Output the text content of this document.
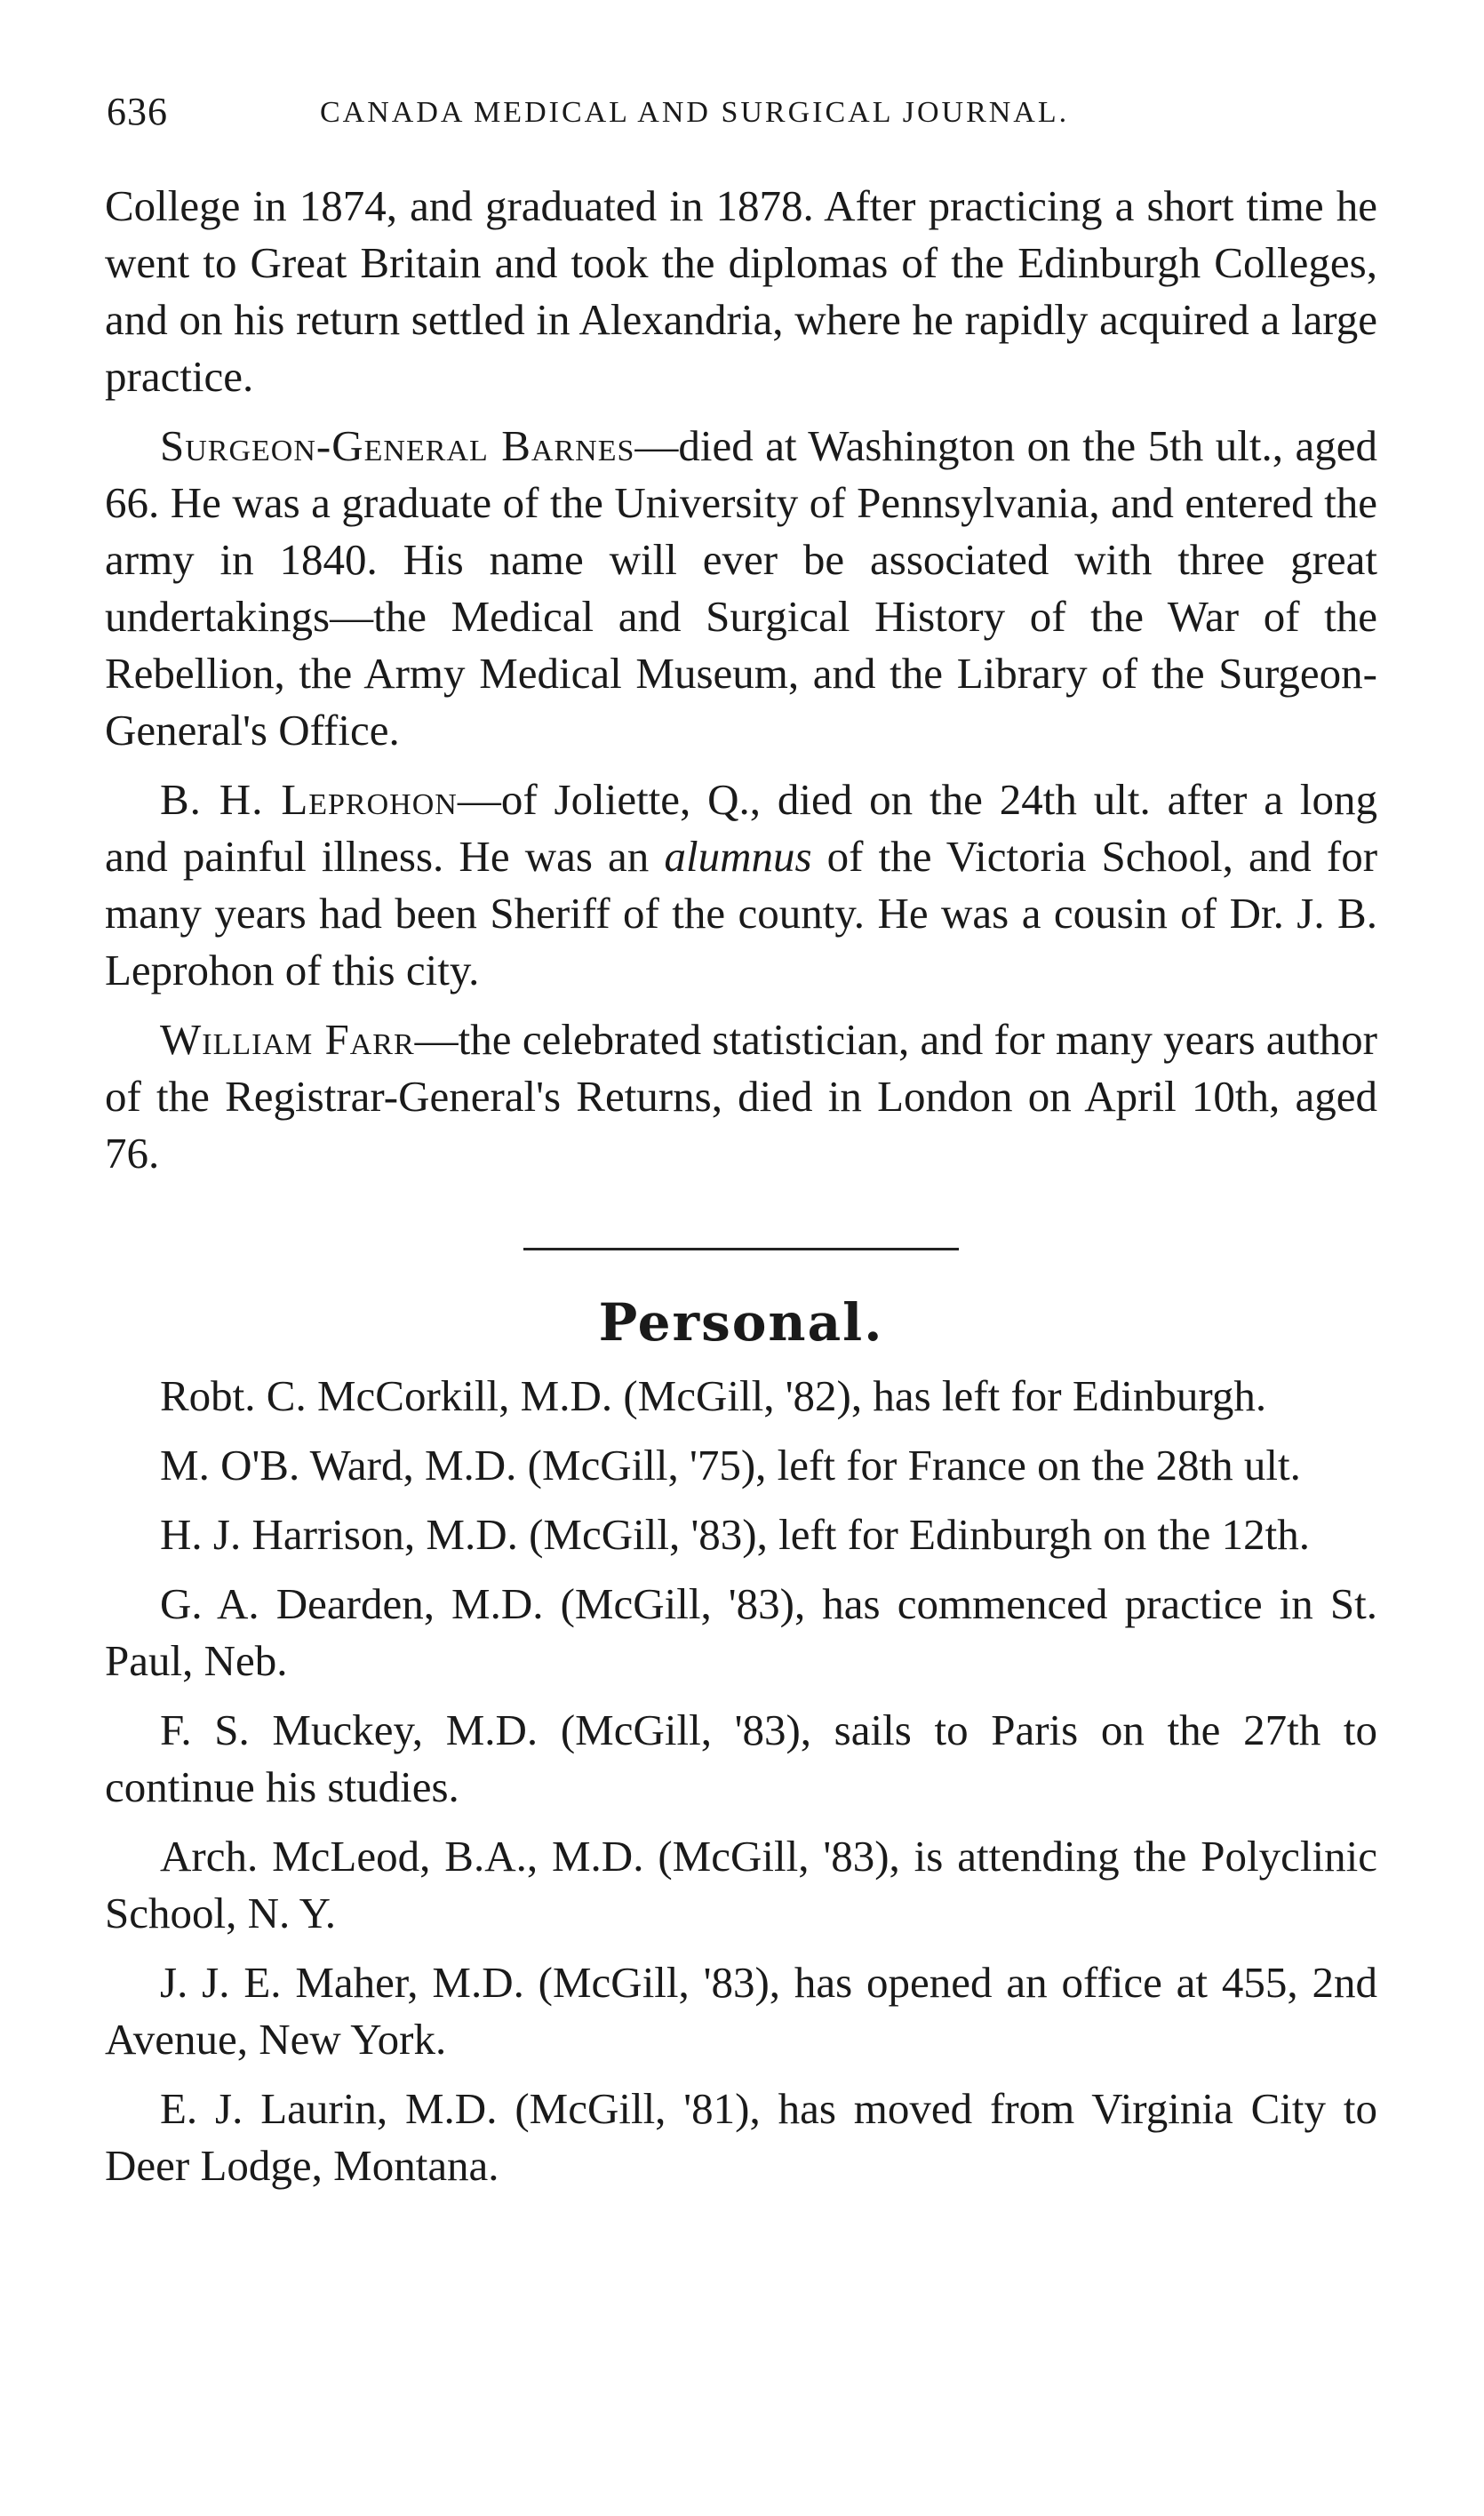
636	CANADA MEDICAL AND SURGICAL JOURNAL.

College in 1874, and graduated in 1878. After practicing a short time he went to Great Britain and took the diplomas of the Edinburgh Colleges, and on his return settled in Alexandria, where he rapidly acquired a large practice.

Surgeon-General Barnes—died at Washington on the 5th ult., aged 66. He was a graduate of the University of Pennsylvania, and entered the army in 1840. His name will ever be associated with three great undertakings—the Medical and Surgical History of the War of the Rebellion, the Army Medical Museum, and the Library of the Surgeon-General's Office.

B. H. Leprohon—of Joliette, Q., died on the 24th ult. after a long and painful illness. He was an alumnus of the Victoria School, and for many years had been Sheriff of the county. He was a cousin of Dr. J. B. Leprohon of this city.

William Farr—the celebrated statistician, and for many years author of the Registrar-General's Returns, died in London on April 10th, aged 76.

Personal.

Robt. C. McCorkill, M.D. (McGill, '82), has left for Edinburgh.

M. O'B. Ward, M.D. (McGill, '75), left for France on the 28th ult.

H. J. Harrison, M.D. (McGill, '83), left for Edinburgh on the 12th.

G. A. Dearden, M.D. (McGill, '83), has commenced practice in St. Paul, Neb.

F. S. Muckey, M.D. (McGill, '83), sails to Paris on the 27th to continue his studies.

Arch. McLeod, B.A., M.D. (McGill, '83), is attending the Polyclinic School, N. Y.

J. J. E. Maher, M.D. (McGill, '83), has opened an office at 455, 2nd Avenue, New York.

E. J. Laurin, M.D. (McGill, '81), has moved from Virginia City to Deer Lodge, Montana.
